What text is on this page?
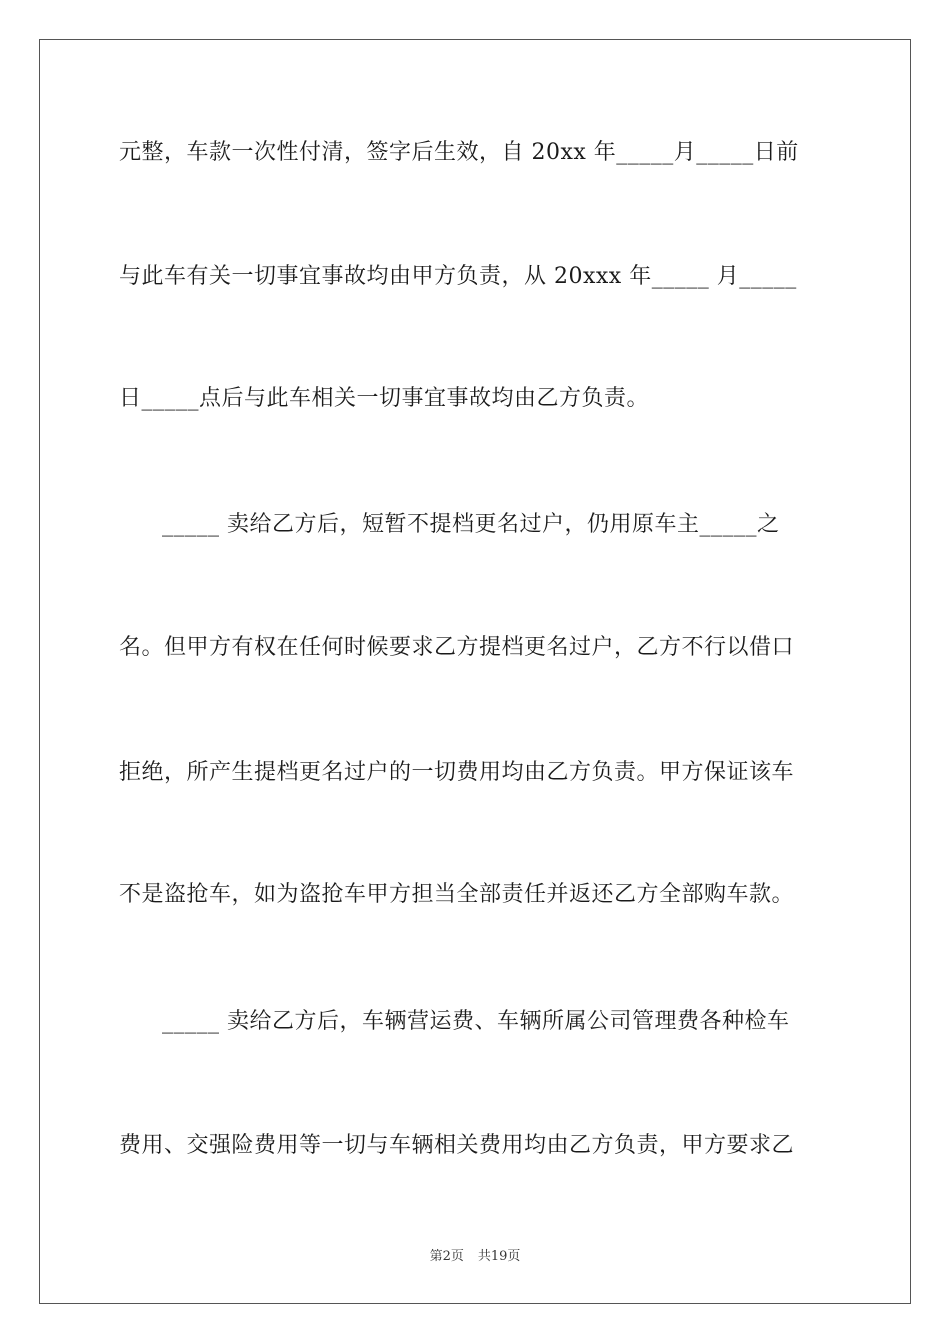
元整，车款一次性付清，签字后生效，自 20xx 年_____月_____日前
与此车有关一切事宜事故均由甲方负责，从 20xxx 年_____ 月_____
日_____点后与此车相关一切事宜事故均由乙方负责。
_____ 卖给乙方后，短暂不提档更名过户，仍用原车主_____之
名。但甲方有权在任何时候要求乙方提档更名过户，乙方不行以借口
拒绝，所产生提档更名过户的一切费用均由乙方负责。甲方保证该车
不是盗抢车，如为盗抢车甲方担当全部责任并返还乙方全部购车款。
_____ 卖给乙方后，车辆营运费、车辆所属公司管理费各种检车
费用、交强险费用等一切与车辆相关费用均由乙方负责，甲方要求乙
第2页 共19页
